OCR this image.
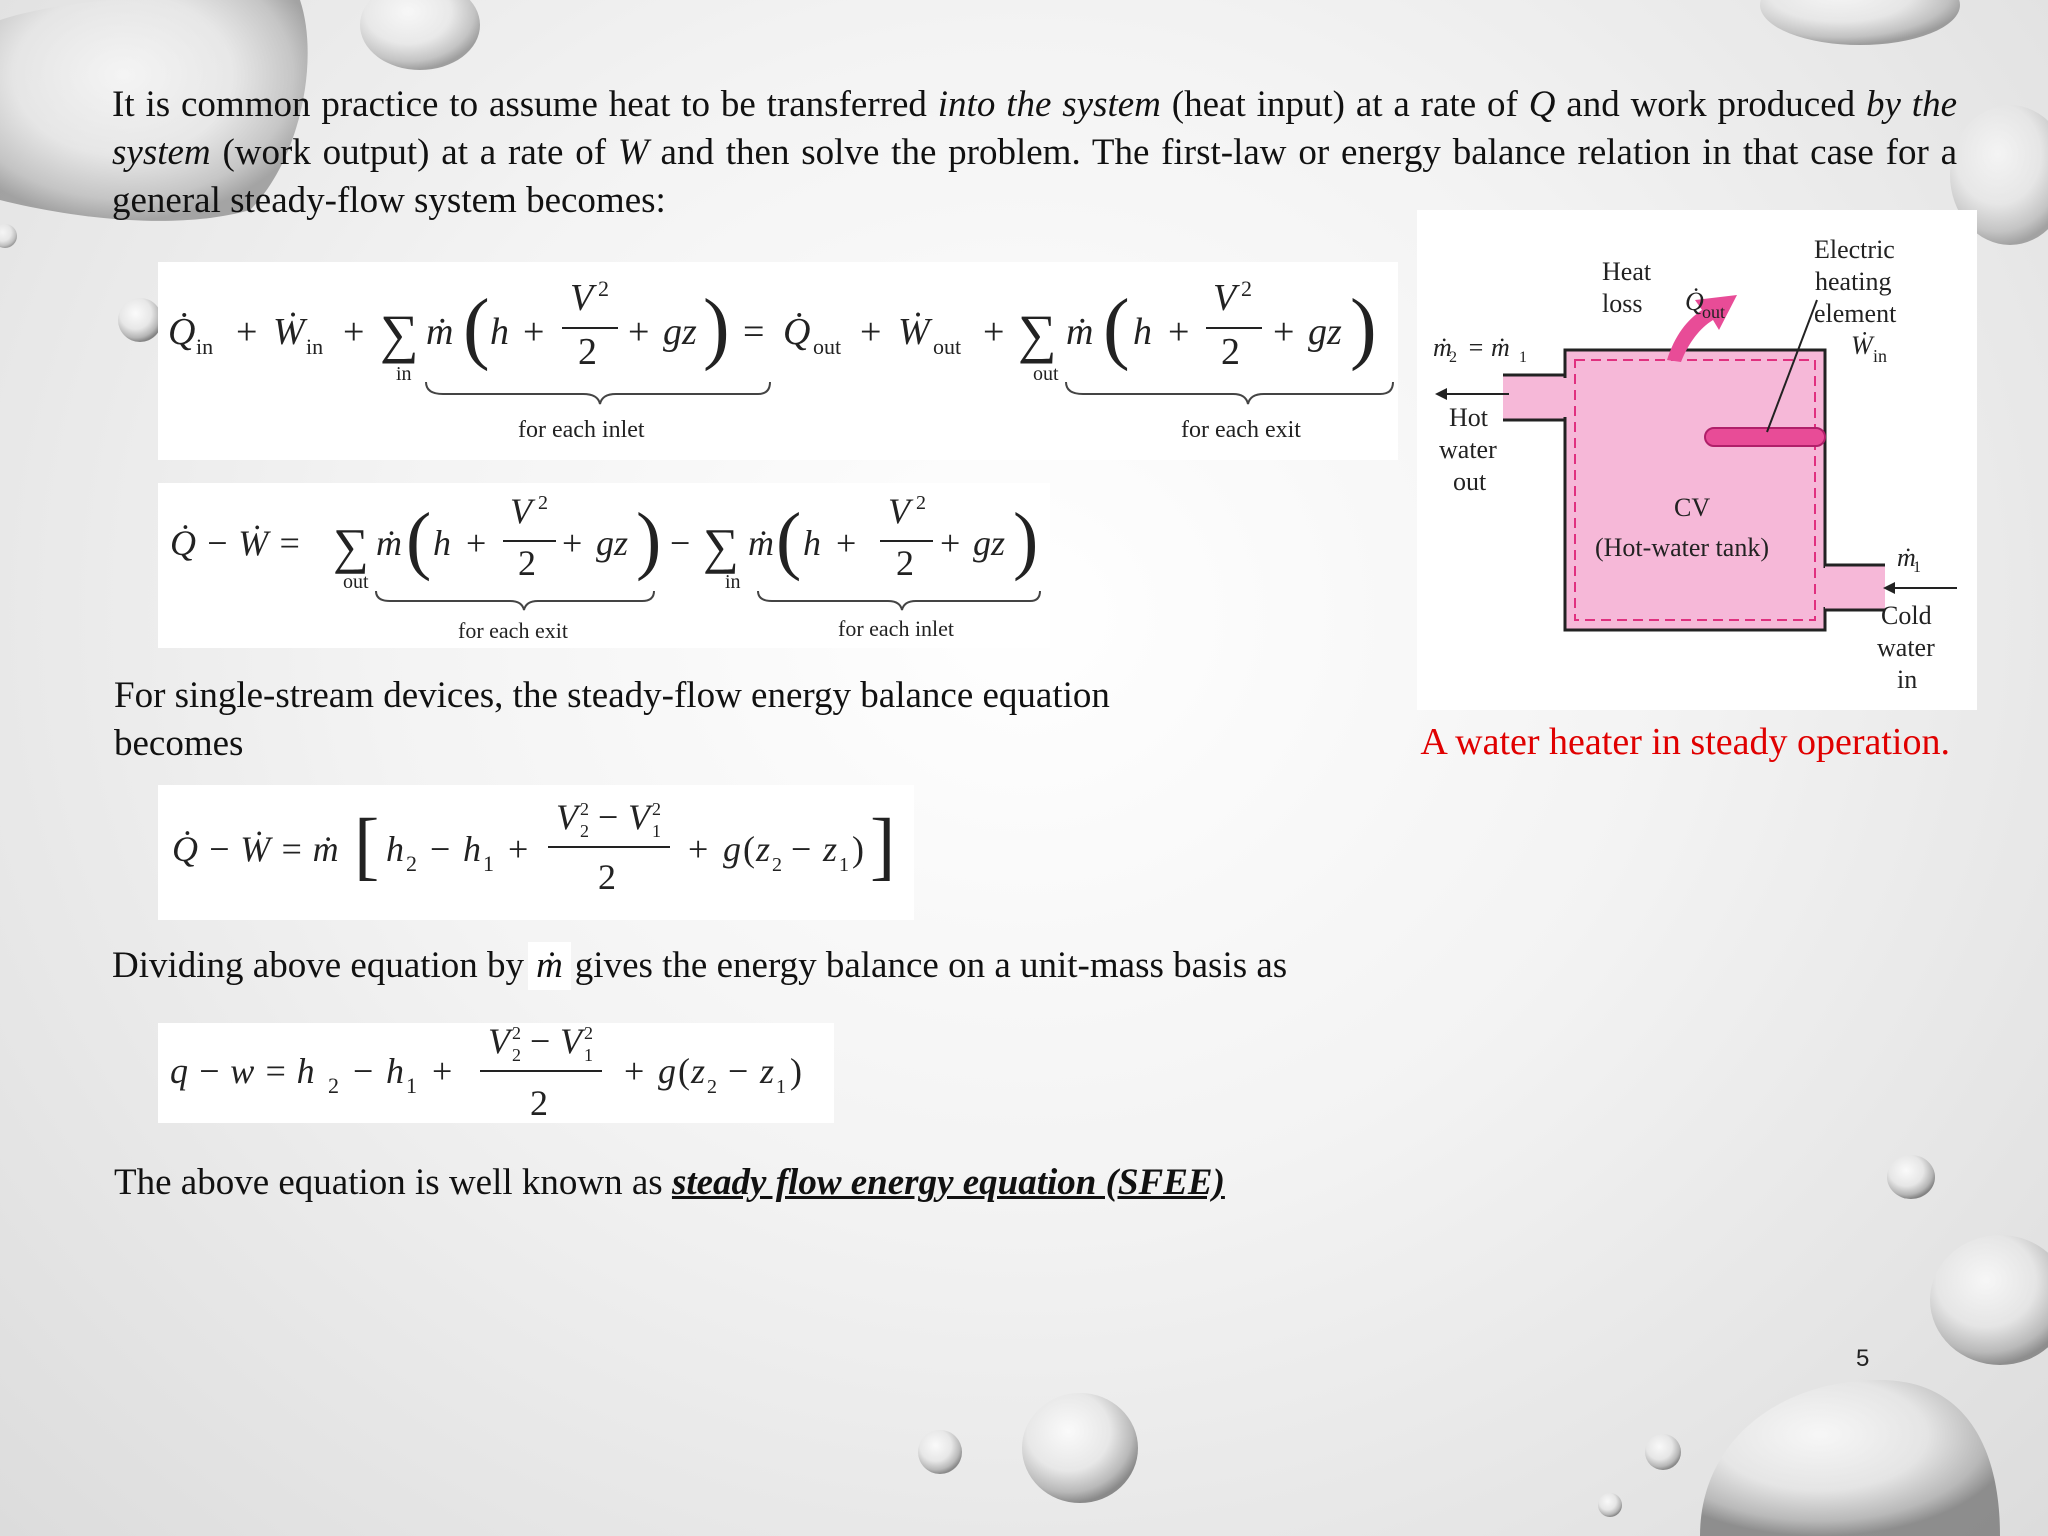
It is common practice to assume heat to be transferred into the system (heat input) at a rate of Q and work produced by the system (work output) at a rate of W and then solve the problem. The first-law or energy balance relation in that case for a general steady-flow system becomes:
Q̇ in + Ẇ in + ∑
in
ṁ ( h +
V 2
2 + gz ) = Q̇ out + Ẇ out + ∑
out
ṁ ( h +
V 2
2 + gz )
for each inlet	for each exit
Q̇ − Ẇ = ∑
out
ṁ ( h +
V 2
2 + gz ) − ∑
in
ṁ ( h +
V 2
2 + gz )
for each exit	for each inlet
For single-stream devices, the steady-flow energy balance equation becomes	A water heater in steady operation.
Q̇ − Ẇ = ṁ [ h 2 − h 1 +
V 2
2 − V 2
1
2
+ g ( z 2 − z 1 ) ]
Dividing above equation by ṁ gives the energy balance on a unit-mass basis as
q − w = h 2 − h 1 +
V 2
2 − V 2
1
2
+ g ( z 2 − z 1 )
The above equation is well known as steady flow energy equation (SFEE)
Heat
loss Q̇
out
Electric
heating
element
Ẇ in
ṁ
2 = ṁ 1
Hot
water
out
CV
(Hot-water tank)	ṁ
1
Cold
water
in
5
